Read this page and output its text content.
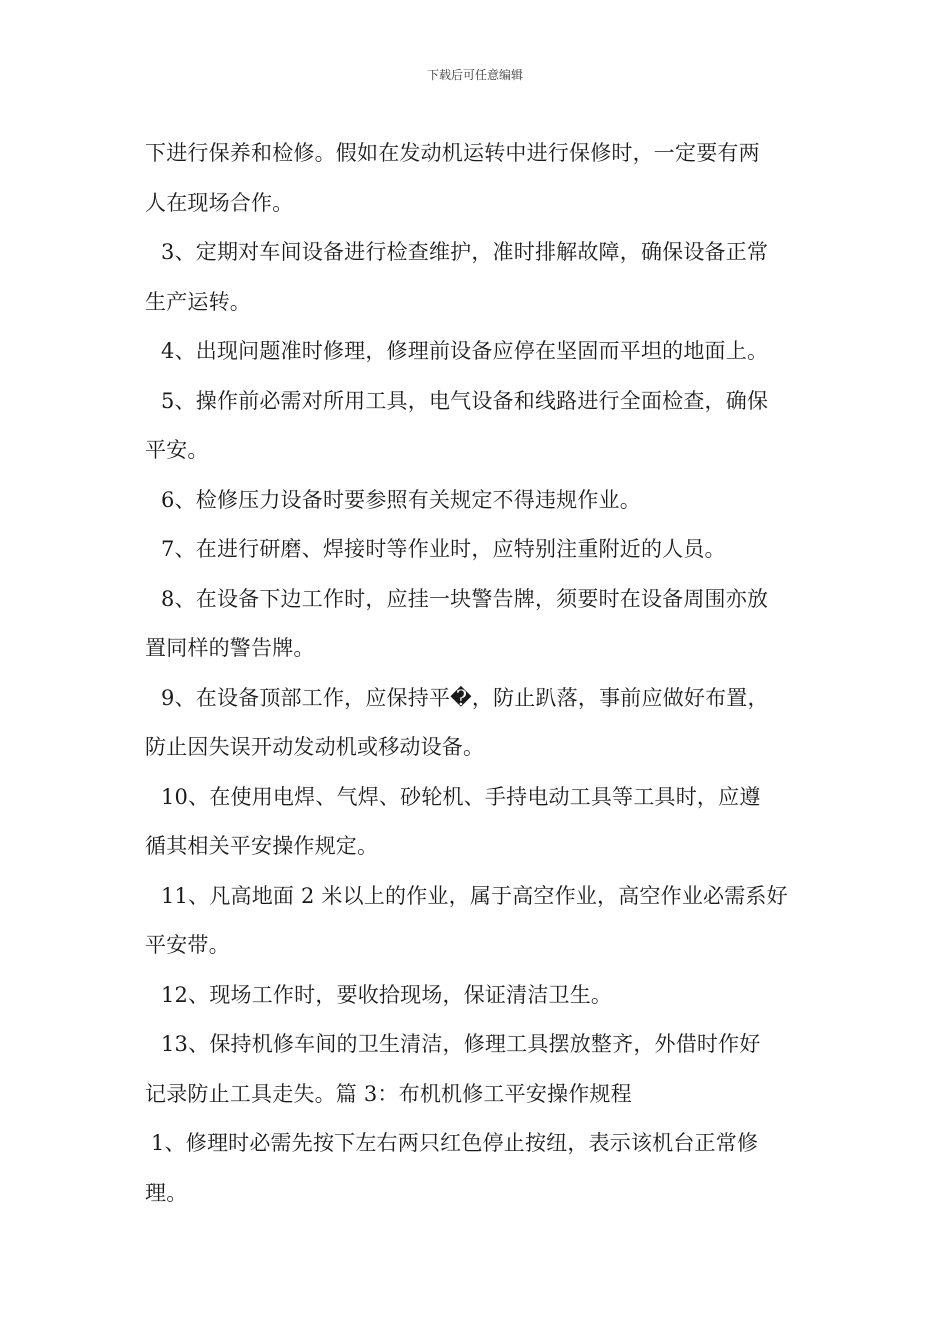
下载后可任意编辑
下进行保养和检修。假如在发动机运转中进行保修时，一定要有两
人在现场合作。
3、定期对车间设备进行检查维护，准时排解故障，确保设备正常
生产运转。
4、出现问题准时修理，修理前设备应停在坚固而平坦的地面上。
5、操作前必需对所用工具，电气设备和线路进行全面检查，确保
平安。
6、检修压力设备时要参照有关规定不得违规作业。
7、在进行研磨、焊接时等作业时，应特别注重附近的人员。
8、在设备下边工作时，应挂一块警告牌，须要时在设备周围亦放
置同样的警告牌。
9、在设备顶部工作，应保持平�，防止趴落，事前应做好布置，
防止因失误开动发动机或移动设备。
10、在使用电焊、气焊、砂轮机、手持电动工具等工具时，应遵
循其相关平安操作规定。
11、凡高地面 2 米以上的作业，属于高空作业，高空作业必需系好
平安带。
12、现场工作时，要收拾现场，保证清洁卫生。
13、保持机修车间的卫生清洁，修理工具摆放整齐，外借时作好
记录防止工具走失。篇 3：布机机修工平安操作规程
1、修理时必需先按下左右两只红色停止按纽，表示该机台正常修
理。
